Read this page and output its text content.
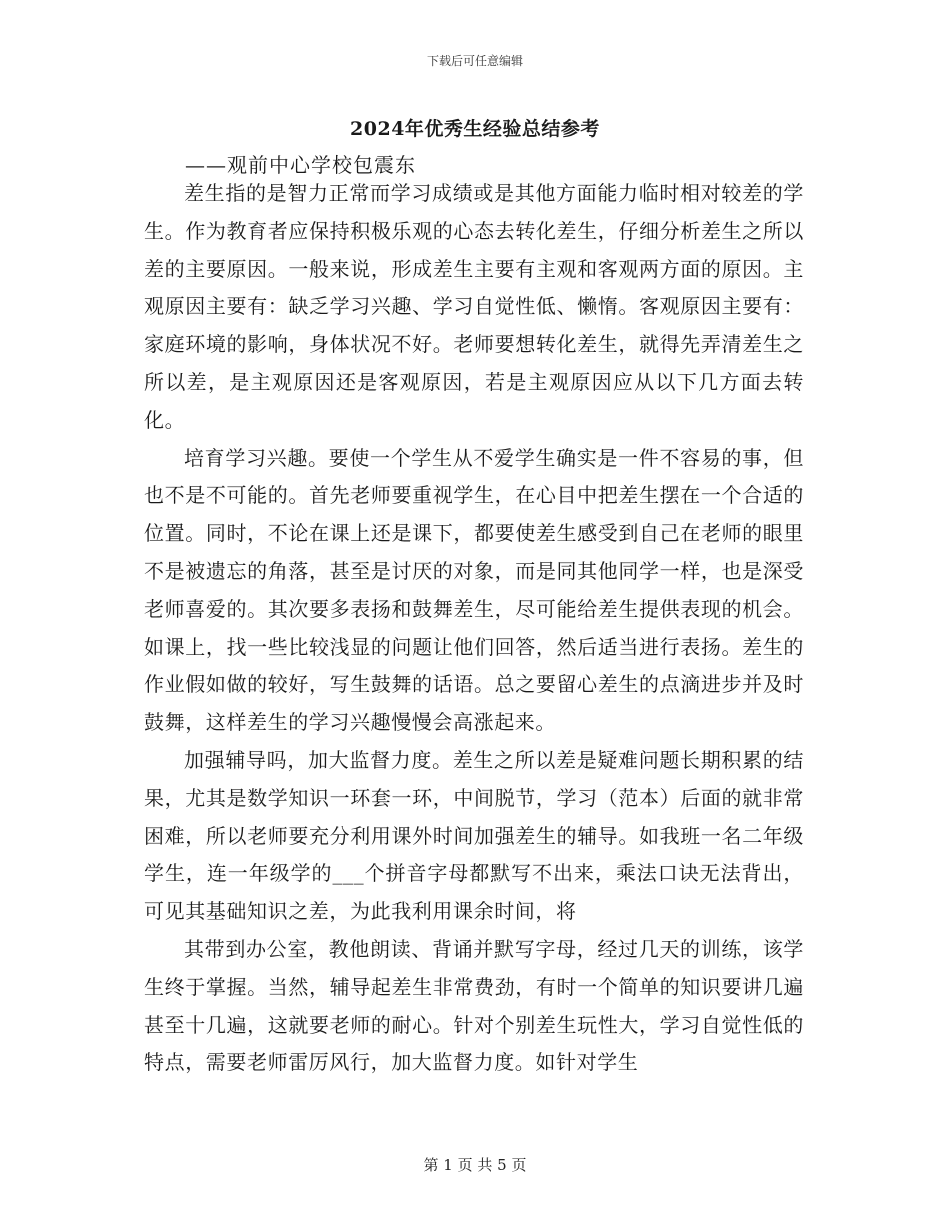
下载后可任意编辑
2024年优秀生经验总结参考
——观前中心学校包震东

差生指的是智力正常而学习成绩或是其他方面能力临时相对较差的学生。作为教育者应保持积极乐观的心态去转化差生，仔细分析差生之所以差的主要原因。一般来说，形成差生主要有主观和客观两方面的原因。主观原因主要有：缺乏学习兴趣、学习自觉性低、懒惰。客观原因主要有：家庭环境的影响，身体状况不好。老师要想转化差生，就得先弄清差生之所以差，是主观原因还是客观原因，若是主观原因应从以下几方面去转化。

培育学习兴趣。要使一个学生从不爱学生确实是一件不容易的事，但也不是不可能的。首先老师要重视学生，在心目中把差生摆在一个合适的位置。同时，不论在课上还是课下，都要使差生感受到自己在老师的眼里不是被遗忘的角落，甚至是讨厌的对象，而是同其他同学一样，也是深受老师喜爱的。其次要多表扬和鼓舞差生，尽可能给差生提供表现的机会。如课上，找一些比较浅显的问题让他们回答，然后适当进行表扬。差生的作业假如做的较好，写生鼓舞的话语。总之要留心差生的点滴进步并及时鼓舞，这样差生的学习兴趣慢慢会高涨起来。

加强辅导吗，加大监督力度。差生之所以差是疑难问题长期积累的结果，尤其是数学知识一环套一环，中间脱节，学习（范本）后面的就非常困难，所以老师要充分利用课外时间加强差生的辅导。如我班一名二年级学生，连一年级学的___个拼音字母都默写不出来，乘法口诀无法背出，可见其基础知识之差，为此我利用课余时间，将

其带到办公室，教他朗读、背诵并默写字母，经过几天的训练，该学生终于掌握。当然，辅导起差生非常费劲，有时一个简单的知识要讲几遍甚至十几遍，这就要老师的耐心。针对个别差生玩性大，学习自觉性低的特点，需要老师雷厉风行，加大监督力度。如针对学生

第 1 页 共 5 页
